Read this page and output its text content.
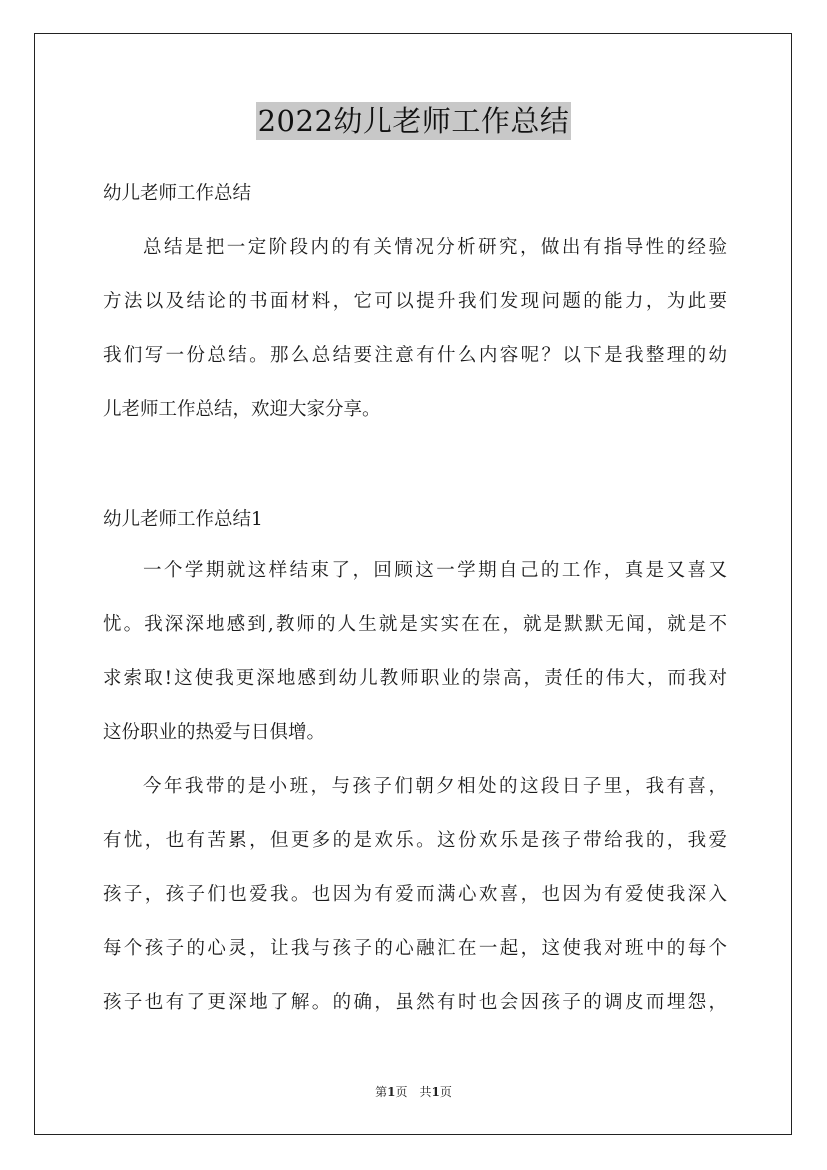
2022幼儿老师工作总结
幼儿老师工作总结
总结是把一定阶段内的有关情况分析研究，做出有指导性的经验
方法以及结论的书面材料，它可以提升我们发现问题的能力，为此要
我们写一份总结。那么总结要注意有什么内容呢？以下是我整理的幼
儿老师工作总结，欢迎大家分享。
幼儿老师工作总结1
一个学期就这样结束了，回顾这一学期自己的工作，真是又喜又
忧。我深深地感到,教师的人生就是实实在在，就是默默无闻，就是不
求索取!这使我更深地感到幼儿教师职业的崇高，责任的伟大，而我对
这份职业的热爱与日俱增。
今年我带的是小班，与孩子们朝夕相处的这段日子里，我有喜，
有忧，也有苦累，但更多的是欢乐。这份欢乐是孩子带给我的，我爱
孩子，孩子们也爱我。也因为有爱而满心欢喜，也因为有爱使我深入
每个孩子的心灵，让我与孩子的心融汇在一起，这使我对班中的每个
孩子也有了更深地了解。的确，虽然有时也会因孩子的调皮而埋怨，
第1页　共1页
